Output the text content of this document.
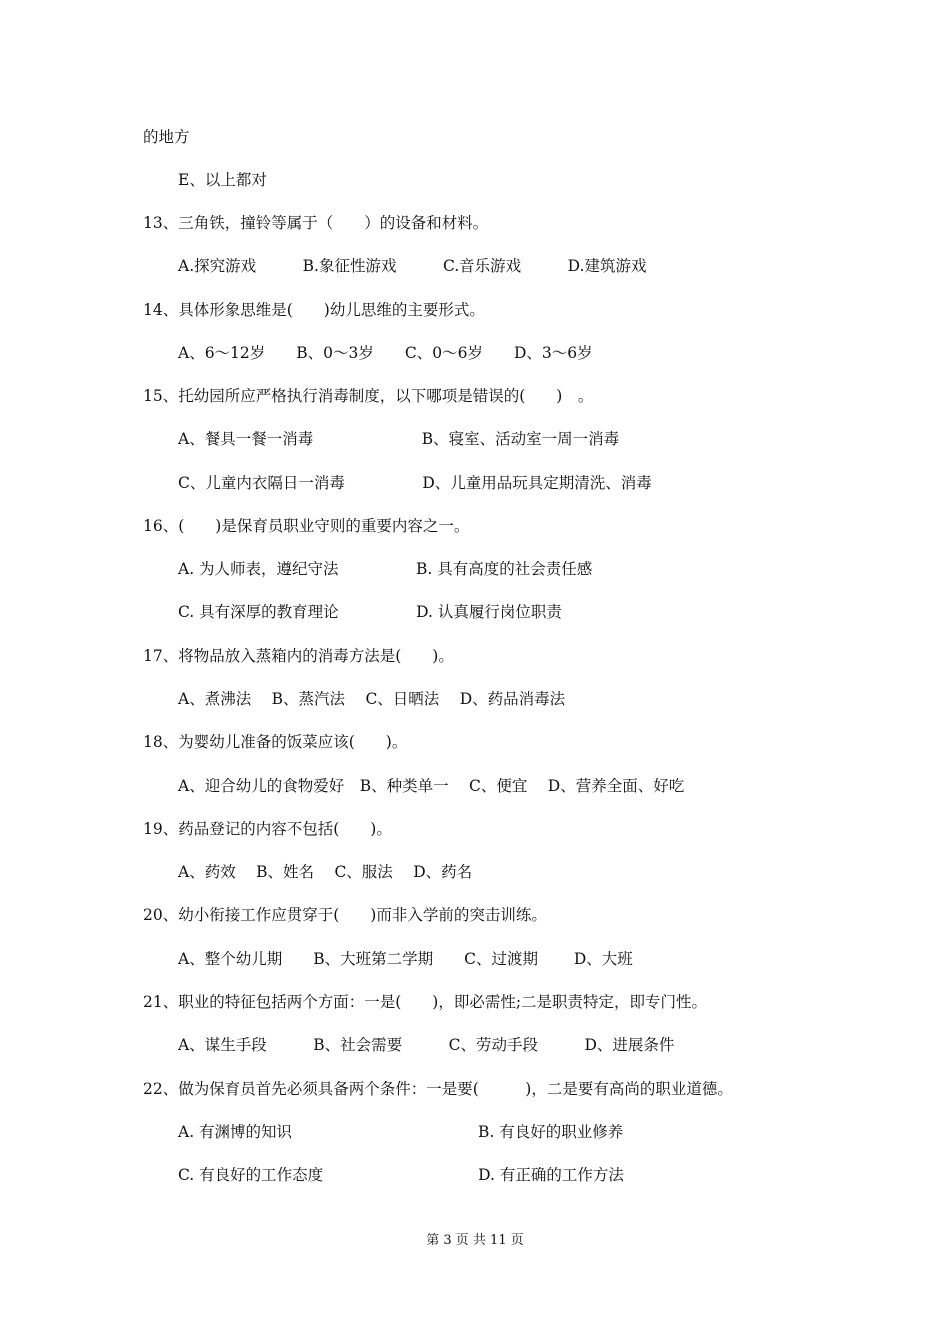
的地方
E、以上都对
13、三角铁，撞铃等属于（　　）的设备和材料。
A.探究游戏　　　B.象征性游戏　　　C.音乐游戏　　　D.建筑游戏
14、具体形象思维是(　　)幼儿思维的主要形式。
A、6～12岁　　B、0～3岁　　C、0～6岁　　D、3～6岁
15、托幼园所应严格执行消毒制度，以下哪项是错误的(　　)　。
A、餐具一餐一消毒　　　　　　　B、寝室、活动室一周一消毒
C、儿童内衣隔日一消毒　　　　　D、儿童用品玩具定期清洗、消毒
16、(　　)是保育员职业守则的重要内容之一。
A. 为人师表，遵纪守法　　　　　B. 具有高度的社会责任感
C. 具有深厚的教育理论　　　　　D. 认真履行岗位职责
17、将物品放入蒸箱内的消毒方法是(　　)。
A、煮沸法　 B、蒸汽法　 C、日晒法　 D、药品消毒法
18、为婴幼儿准备的饭菜应该(　　)。
A、迎合幼儿的食物爱好　B、种类单一　 C、便宜　 D、营养全面、好吃
19、药品登记的内容不包括(　　)。
A、药效　 B、姓名　 C、服法　 D、药名
20、幼小衔接工作应贯穿于(　　)而非入学前的突击训练。
A、整个幼儿期　　B、大班第二学期　　C、过渡期　　 D、大班
21、职业的特征包括两个方面：一是(　　)，即必需性;二是职责特定，即专门性。
A、谋生手段　　　B、社会需要　　　C、劳动手段　　　D、进展条件
22、做为保育员首先必须具备两个条件：一是要(　　　)，二是要有高尚的职业道德。
A. 有渊博的知识　　　　　　　　　　　　B. 有良好的职业修养
C. 有良好的工作态度　　　　　　　　　　D. 有正确的工作方法
第 3 页 共 11 页
